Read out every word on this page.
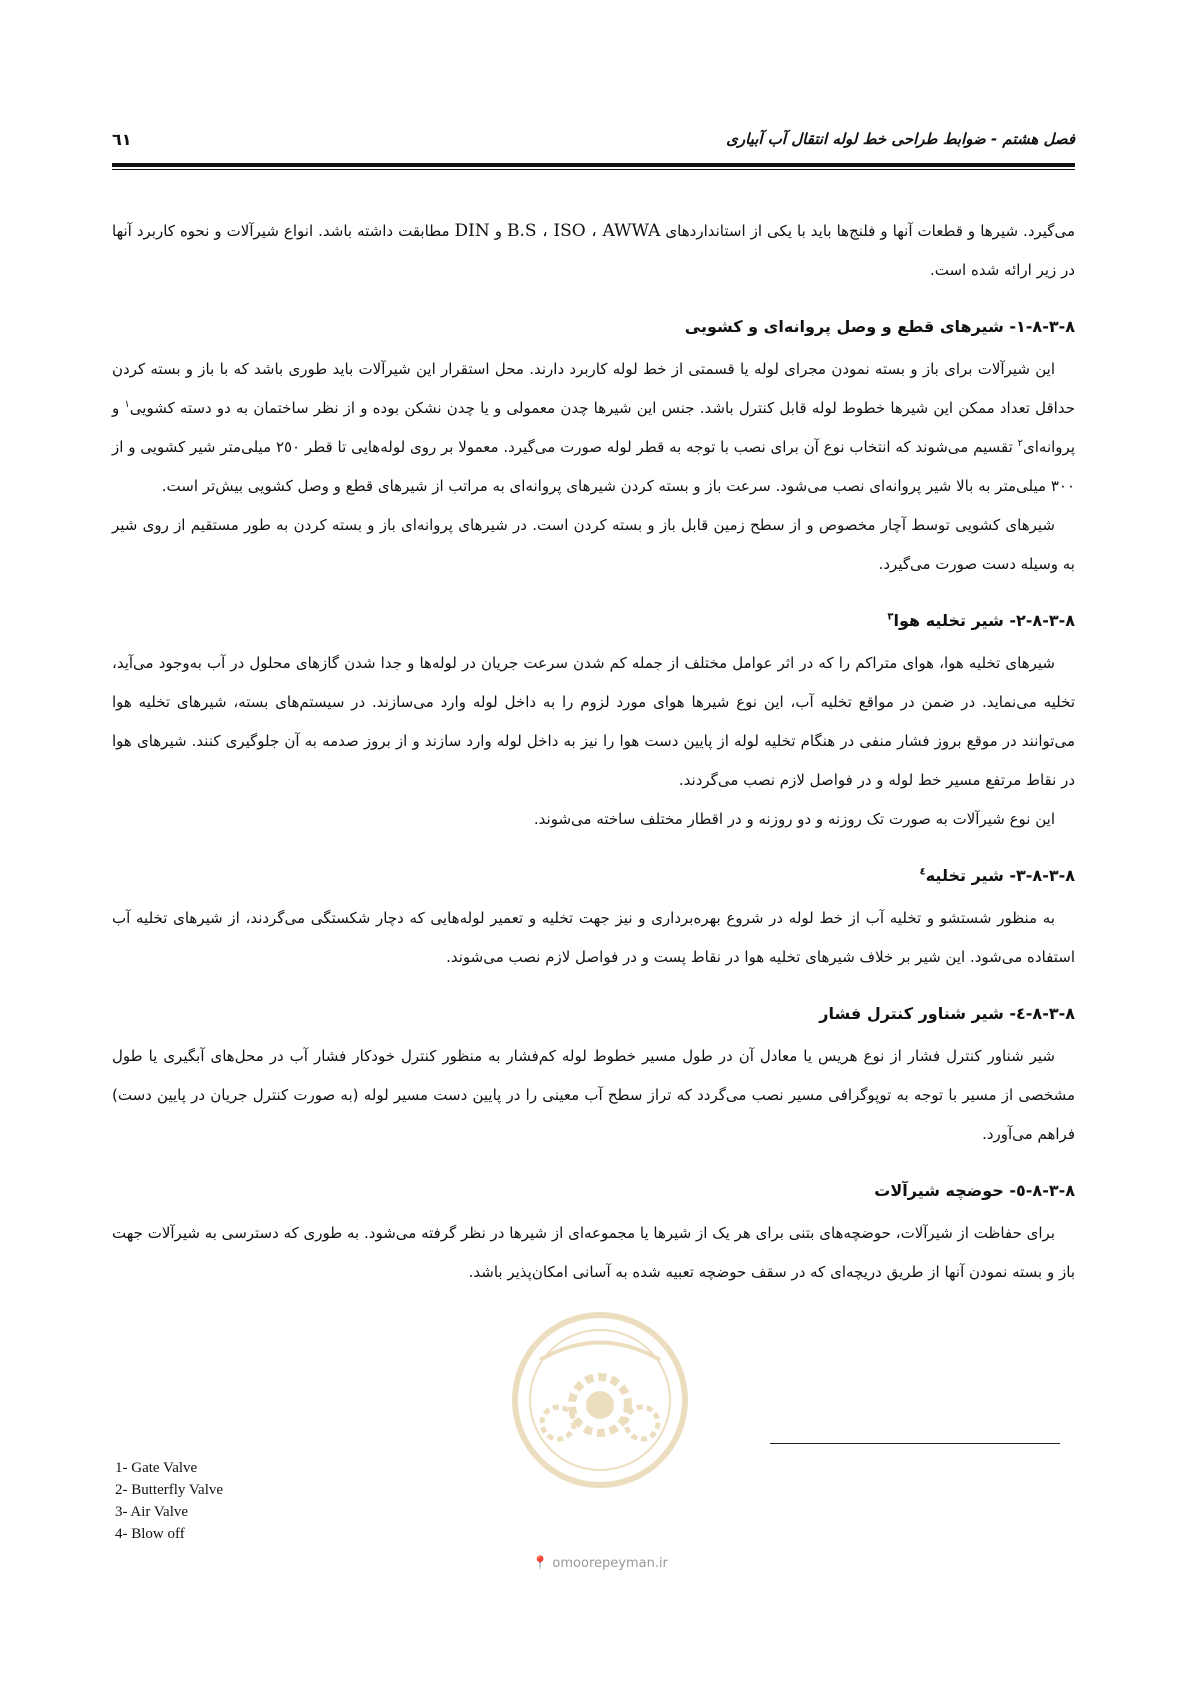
فصل هشتم - ضوابط طراحی خط لوله انتقال آب آبیاری
٦١

می‌گیرد. شیرها و قطعات آنها و فلنج‌ها باید با یکی از استانداردهای B.S ، ISO ، AWWA و DIN مطابقت داشته باشد. انواع شیرآلات و نحوه کاربرد آنها در زیر ارائه شده است.

٨-٣-٨-١- شیرهای قطع و وصل پروانه‌ای و کشویی

این شیرآلات برای باز و بسته نمودن مجرای لوله یا قسمتی از خط لوله کاربرد دارند. محل استقرار این شیرآلات باید طوری باشد که با باز و بسته کردن حداقل تعداد ممکن این شیرها خطوط لوله قابل کنترل باشد. جنس این شیرها چدن معمولی و یا چدن نشکن بوده و از نظر ساختمان به دو دسته کشویی$^١$ و پروانه‌ای$^٢$ تقسیم می‌شوند که انتخاب نوع آن برای نصب با توجه به قطر لوله صورت می‌گیرد. معمولا بر روی لوله‌هایی تا قطر ٢٥٠ میلی‌متر شیر کشویی و از ٣٠٠ میلی‌متر به بالا شیر پروانه‌ای نصب می‌شود. سرعت باز و بسته کردن شیرهای پروانه‌ای به مراتب از شیرهای قطع و وصل کشویی بیش‌تر است.

شیرهای کشویی توسط آچار مخصوص و از سطح زمین قابل باز و بسته کردن است. در شیرهای پروانه‌ای باز و بسته کردن به طور مستقیم از روی شیر به وسیله دست صورت می‌گیرد.

٨-٣-٨-٢- شیر تخلیه هوا$^٣$

شیرهای تخلیه هوا، هوای متراکم را که در اثر عوامل مختلف از جمله کم شدن سرعت جریان در لوله‌ها و جدا شدن گازهای محلول در آب به‌وجود می‌آید، تخلیه می‌نماید. در ضمن در مواقع تخلیه آب، این نوع شیرها هوای مورد لزوم را به داخل لوله وارد می‌سازند. در سیستم‌های بسته، شیرهای تخلیه هوا می‌توانند در موقع بروز فشار منفی در هنگام تخلیه لوله از پایین دست هوا را نیز به داخل لوله وارد سازند و از بروز صدمه به آن جلوگیری کنند. شیرهای هوا در نقاط مرتفع مسیر خط لوله و در فواصل لازم نصب می‌گردند.

این نوع شیرآلات به صورت تک روزنه و دو روزنه و در اقطار مختلف ساخته می‌شوند.

٨-٣-٨-٣- شیر تخلیه$^٤$

به منظور شستشو و تخلیه آب از خط لوله در شروع بهره‌برداری و نیز جهت تخلیه و تعمیر لوله‌هایی که دچار شکستگی می‌گردند، از شیرهای تخلیه آب استفاده می‌شود. این شیر بر خلاف شیرهای تخلیه هوا در نقاط پست و در فواصل لازم نصب می‌شوند.

٨-٣-٨-٤- شیر شناور کنترل فشار

شیر شناور کنترل فشار از نوع هریس یا معادل آن در طول مسیر خطوط لوله کم‌فشار به منظور کنترل خودکار فشار آب در محل‌های آبگیری یا طول مشخصی از مسیر با توجه به توپوگرافی مسیر نصب می‌گردد که تراز سطح آب معینی را در پایین دست مسیر لوله (به صورت کنترل جریان در پایین دست) فراهم می‌آورد.

٨-٣-٨-٥- حوضچه شیرآلات

برای حفاظت از شیرآلات، حوضچه‌های بتنی برای هر یک از شیرها یا مجموعه‌ای از شیرها در نظر گرفته می‌شود. به طوری که دسترسی به شیرآلات جهت باز و بسته نمودن آنها از طریق دریچه‌ای که در سقف حوضچه تعبیه شده به آسانی امکان‌پذیر باشد.

1- Gate Valve
2- Butterfly Valve
3- Air Valve
4- Blow off
📍 omoorepeyman.ir
